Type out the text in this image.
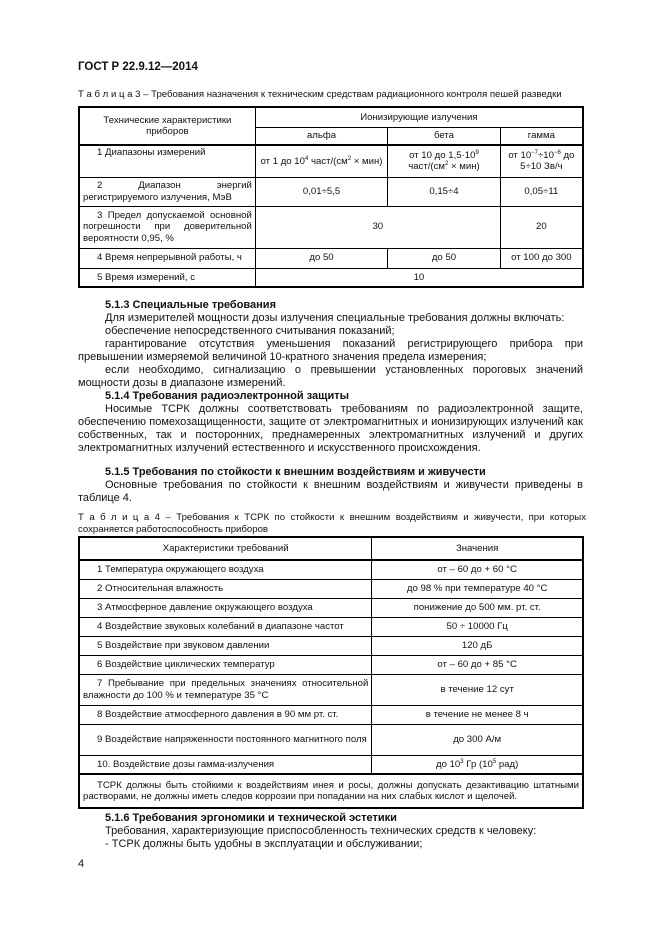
ГОСТ Р 22.9.12—2014
Т а б л и ц а 3 – Требования назначения к техническим средствам радиационного контроля пешей разведки
Технические характеристики приборов	Ионизирующие излучения		
	альфа	бета	гамма
1 Диапазоны измерений	от 1 до $10^4$ част/$(см^2 \times мин)$	от 10 до $1,5\cdot 10^9$ част/$(см^2 \times мин)$	от $10^{-7}\div 10^{-6}$ до 5÷10 Зв/ч
2 Диапазон энергий регистрируемого излучения, МэВ	0,01÷5,5	0,15÷4	0,05÷11
3 Предел допускаемой основной погрешности при доверительной вероятности 0,95, %	30		20
4 Время непрерывной работы, ч	до 50	до 50	от 100 до 300
5 Время измерений, с	10		
5.1.3 Специальные требования
Для измерителей мощности дозы излучения специальные требования должны включать:
обеспечение непосредственного считывания показаний;
гарантирование отсутствия уменьшения показаний регистрирующего прибора при превышении измеряемой величиной 10-кратного значения предела измерения;
если необходимо, сигнализацию о превышении установленных пороговых значений мощности дозы в диапазоне измерений.
5.1.4 Требования радиоэлектронной защиты
Носимые ТСРК должны соответствовать требованиям по радиоэлектронной защите, обеспечению помехозащищенности, защите от электромагнитных и ионизирующих излучений как собственных, так и посторонних, преднамеренных электромагнитных излучений и других электромагнитных излучений естественного и искусственного происхождения.
5.1.5 Требования по стойкости к внешним воздействиям и живучести
Основные требования по стойкости к внешним воздействиям и живучести приведены в таблице 4.
Т а б л и ц а 4 – Требования к ТСРК по стойкости к внешним воздействиям и живучести, при которых сохраняется работоспособность приборов
Характеристики требований	Значения
1 Температура окружающего воздуха	от – 60 до + 60 °С
2 Относительная влажность	до 98 % при температуре 40 °С
3 Атмосферное давление окружающего воздуха	понижение до 500 мм. рт. ст.
4 Воздействие звуковых колебаний в диапазоне частот	50 ÷ 10000 Гц
5 Воздействие при звуковом давлении	120 дБ
6 Воздействие циклических температур	от – 60 до + 85 °С
7 Пребывание при предельных значениях относительной влажности до 100 % и температуре 35 °С	в течение 12 сут
8 Воздействие атмосферного давления в 90 мм рт. ст.	в течение не менее 8 ч
9 Воздействие напряженности постоянного магнитного поля	до 300 А/м
10. Воздействие дозы гамма-излучения	до $10^3$ Гр ($10^5$ рад)
ТСРК должны быть стойкими к воздействиям инея и росы, должны допускать дезактивацию штатными растворами, не должны иметь следов коррозии при попадании на них слабых кислот и щелочей.	
5.1.6 Требования эргономики и технической эстетики
Требования, характеризующие приспособленность технических средств к человеку:
- ТСРК должны быть удобны в эксплуатации и обслуживании;
4
